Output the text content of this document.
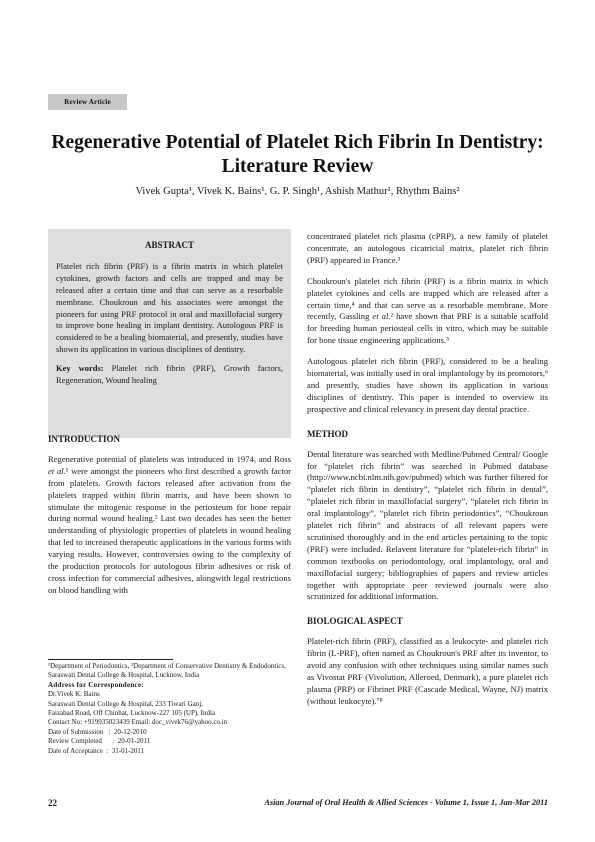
Review Article
Regenerative Potential of Platelet Rich Fibrin In Dentistry:
Literature Review
Vivek Gupta¹, Vivek K. Bains¹, G. P. Singh¹, Ashish Mathur¹, Rhythm Bains²
ABSTRACT

Platelet rich fibrin (PRF) is a fibrin matrix in which platelet cytokines, growth factors and cells are trapped and may be released after a certain time and that can serve as a resorbable membrane. Choukroun and his associates were amongst the pioneers for using PRF protocol in oral and maxillofacial surgery to improve bone healing in implant dentistry. Autologous PRF is considered to be a healing biomaterial, and presently, studies have shown its application in various disciplines of dentistry.

Key words: Platelet rich fibrin (PRF), Growth factors, Regeneration, Wound healing

INTRODUCTION

Regenerative potential of platelets was introduced in 1974, and Ross et al.¹ were amongst the pioneers who first described a growth factor from platelets. Growth factors released after activation from the platelets trapped within fibrin matrix, and have been shown to stimulate the mitogenic response in the periosteum for bone repair during normal wound healing.² Last two decades has seen the better understanding of physiologic properties of platelets in wound healing that led to increased therapeutic applications in the various forms with varying results. However, controversies owing to the complexity of the production protocols for autologous fibrin adhesives or risk of cross infection for commercial adhesives, alongwith legal restrictions on blood handling with

¹Department of Periodontics, ²Department of Conservative Dentistry & Endodontics, Saraswati Dental College & Hospital, Lucknow, India
Address for Correspondence:
Dr.Vivek K. Bains
Saraswati Dental College & Hospital, 233 Tiwari Ganj,
Faizabad Road, Off Chinhat, Lucknow-227 105 (UP), India
Contact No: +919935023439 Email: doc_vivek76@yahoo.co.in
Date of Submission   :  20-12-2010
Review Completed      :  20-01-2011
Date of Acceptance  :  31-01-2011

concentrated platelet rich plasma (cPRP), a new family of platelet concentrate, an autologous cicatricial matrix, platelet rich fibrin (PRF) appeared in France.³

Choukroun's platelet rich fibrin (PRF) is a fibrin matrix in which platelet cytokines and cells are trapped which are released after a certain time,⁴ and that can serve as a resorbable membrane. More recently, Gassling et al.² have shown that PRF is a suitable scaffold for breeding human periosteal cells in vitro, which may be suitable for bone tissue engineering applications.⁵

Autologous platelet rich fibrin (PRF), considered to be a healing biomaterial, was initially used in oral implantology by its promotors,⁶ and presently, studies have shown its application in various disciplines of dentistry. This paper is intended to overview its prospective and clinical relevancy in present day dental practice.

METHOD

Dental literature was searched with Medline/Pubmed Central/ Google for “platelet rich fibrin” was searched in Pubmed database (http://www.ncbi.nlm.nih.gov/pubmed) which was further filtered for “platelet rich fibrin in dentistry”, “platelet rich fibrin in dental”, “platelet rich fibrin in maxillofacial surgery”, “platelet rich fibrin in oral implantology”, “platelet rich fibrin periodontics”, “Choukroun platelet rich fibrin” and abstracts of all relevant papers were scrutinised thoroughly and in the end articles pertaining to the topic (PRF) were included. Relavent literature for “platelet-rich fibrin” in common textbooks on periodontology, oral implantology, oral and maxillofacial surgery; bibliographies of papers and review articles together with appropriate peer reviewed journals were also scrutinized for additional information.

BIOLOGICAL ASPECT

Platelet-rich fibrin (PRF), classified as a leukocyte- and platelet rich fibrin (L-PRF), often named as Choukroun's PRF after its inventor, to avoid any confusion with other techniques using similar names such as Vivostat PRF (Vivolution, Alleroed, Denmark), a pure platelet rich plasma (PRP) or Fibrinet PRF (Cascade Medical, Wayne, NJ) matrix (without leukocyte).⁷⁸

22	Asian Journal of Oral Health & Allied Sciences - Volume 1, Issue 1, Jan-Mar 2011
